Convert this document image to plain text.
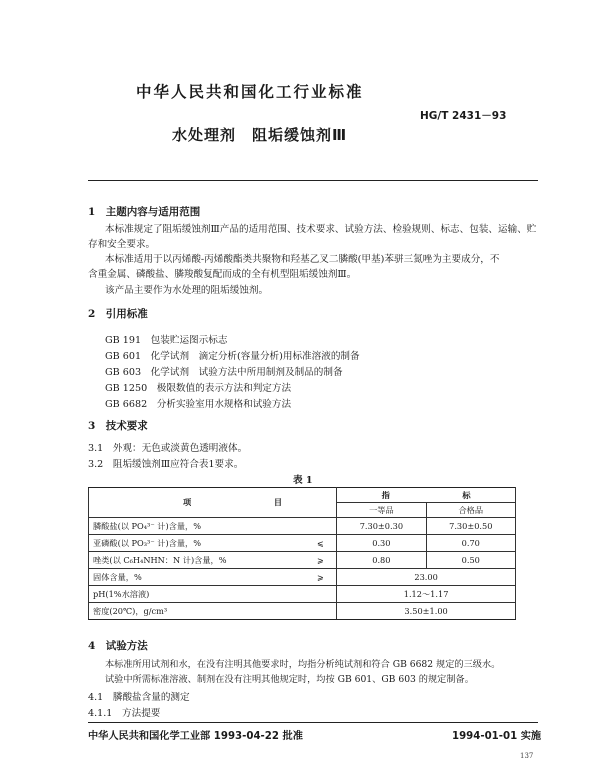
中华人民共和国化工行业标准
HG/T 2431－93
水处理剂　阻垢缓蚀剂Ⅲ
1　主题内容与适用范围
本标准规定了阻垢缓蚀剂Ⅲ产品的适用范围、技术要求、试验方法、检验规则、标志、包装、运输、贮
存和安全要求。
本标准适用于以丙烯酸-丙烯酸酯类共聚物和羟基乙叉二膦酸(甲基)苯骈三氮唑为主要成分，不
含重金属、磷酸盐、膦羧酸复配而成的全有机型阻垢缓蚀剂Ⅲ。
该产品主要作为水处理的阻垢缓蚀剂。
2　引用标准
GB 191　包装贮运图示标志
GB 601　化学试剂　滴定分析(容量分析)用标准溶液的制备
GB 603　化学试剂　试验方法中所用制剂及制品的制备
GB 1250　极限数值的表示方法和判定方法
GB 6682　分析实验室用水规格和试验方法
3　技术要求
3.1　外观：无色或淡黄色透明液体。
3.2　阻垢缓蚀剂Ⅲ应符合表1要求。
表 1
项 目		指 标	
		一等品	合格品
膦酸盐(以 PO₄³⁻ 计)含量，%		7.30±0.30	7.30±0.50
亚磷酸(以 PO₃³⁻ 计)含量，%	⩽	0.30	0.70
唑类(以 C₆H₄NHN：N 计)含量，%	⩾	0.80	0.50
固体含量，%	⩾	23.00	
pH(1%水溶液)		1.12～1.17	
密度(20℃)，g/cm³		3.50±1.00	
4　试验方法
本标准所用试剂和水，在没有注明其他要求时，均指分析纯试剂和符合 GB 6682 规定的三级水。
试验中所需标准溶液、制剂在没有注明其他规定时，均按 GB 601、GB 603 的规定制备。
4.1　膦酸盐含量的测定
4.1.1　方法提要
中华人民共和国化学工业部 1993-04-22 批准	1994-01-01 实施
137
